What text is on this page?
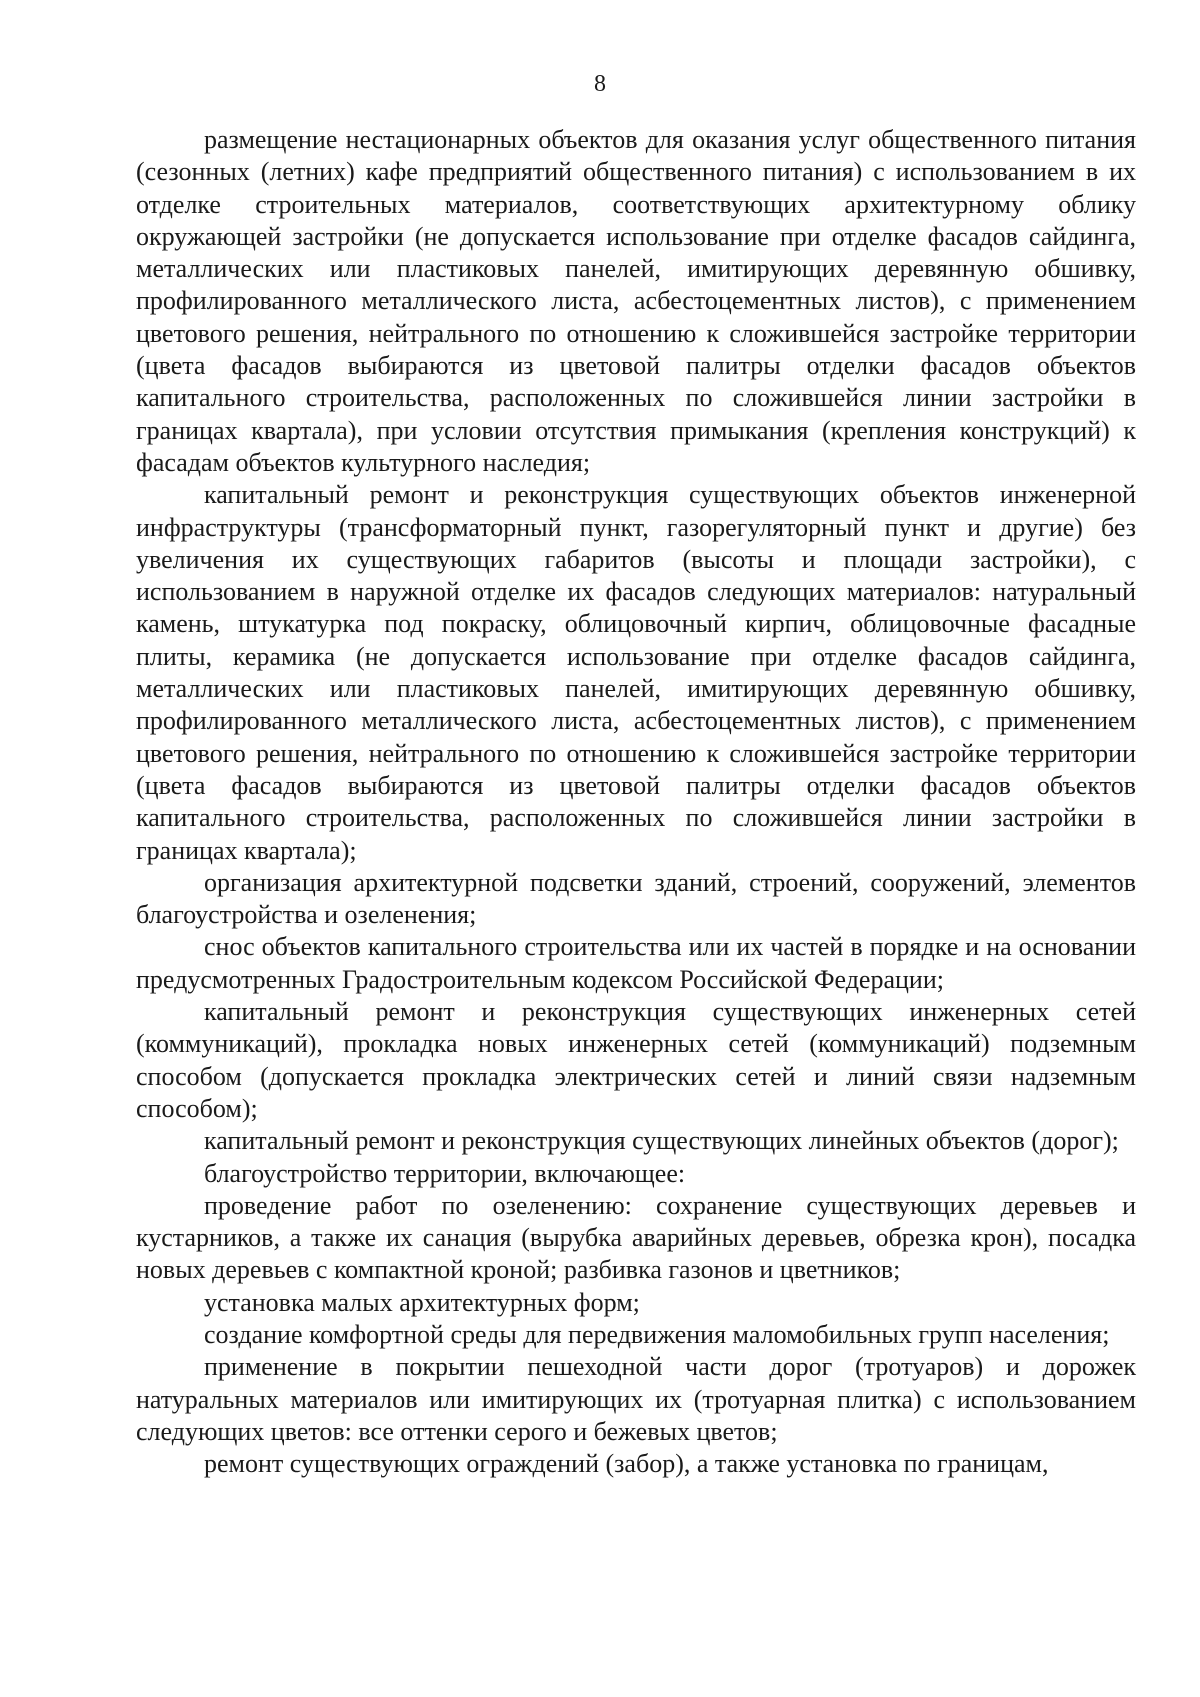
8

размещение нестационарных объектов для оказания услуг общественного питания (сезонных (летних) кафе предприятий общественного питания) с использованием в их отделке строительных материалов, соответствующих архитектурному облику окружающей застройки (не допускается использование при отделке фасадов сайдинга, металлических или пластиковых панелей, имитирующих деревянную обшивку, профилированного металлического листа, асбестоцементных листов), с применением цветового решения, нейтрального по отношению к сложившейся застройке территории (цвета фасадов выбираются из цветовой палитры отделки фасадов объектов капитального строительства, расположенных по сложившейся линии застройки в границах квартала), при условии отсутствия примыкания (крепления конструкций) к фасадам объектов культурного наследия;

капитальный ремонт и реконструкция существующих объектов инженерной инфраструктуры (трансформаторный пункт, газорегуляторный пункт и другие) без увеличения их существующих габаритов (высоты и площади застройки), с использованием в наружной отделке их фасадов следующих материалов: натуральный камень, штукатурка под покраску, облицовочный кирпич, облицовочные фасадные плиты, керамика (не допускается использование при отделке фасадов сайдинга, металлических или пластиковых панелей, имитирующих деревянную обшивку, профилированного металлического листа, асбестоцементных листов), с применением цветового решения, нейтрального по отношению к сложившейся застройке территории (цвета фасадов выбираются из цветовой палитры отделки фасадов объектов капитального строительства, расположенных по сложившейся линии застройки в границах квартала);

организация архитектурной подсветки зданий, строений, сооружений, элементов благоустройства и озеленения;

снос объектов капитального строительства или их частей в порядке и на основании предусмотренных Градостроительным кодексом Российской Федерации;

капитальный ремонт и реконструкция существующих инженерных сетей (коммуникаций), прокладка новых инженерных сетей (коммуникаций) подземным способом (допускается прокладка электрических сетей и линий связи надземным способом);

капитальный ремонт и реконструкция существующих линейных объектов (дорог);

благоустройство территории, включающее:

проведение работ по озеленению: сохранение существующих деревьев и кустарников, а также их санация (вырубка аварийных деревьев, обрезка крон), посадка новых деревьев с компактной кроной; разбивка газонов и цветников;

установка малых архитектурных форм;

создание комфортной среды для передвижения маломобильных групп населения;

применение в покрытии пешеходной части дорог (тротуаров) и дорожек натуральных материалов или имитирующих их (тротуарная плитка) с использованием следующих цветов: все оттенки серого и бежевых цветов;

ремонт существующих ограждений (забор), а также установка по границам,
